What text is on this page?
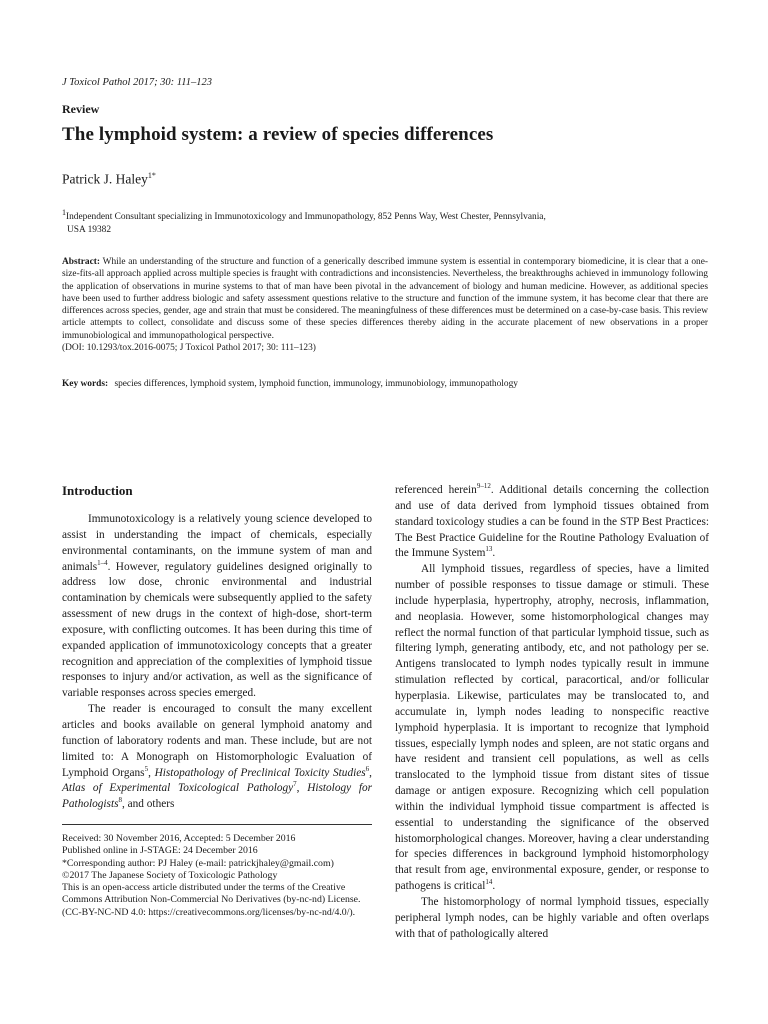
J Toxicol Pathol 2017; 30: 111–123
Review
The lymphoid system: a review of species differences
Patrick J. Haley$^{1*}$
$^1$Independent Consultant specializing in Immunotoxicology and Immunopathology, 852 Penns Way, West Chester, Pennsylvania,
USA 19382
Abstract: While an understanding of the structure and function of a generically described immune system is essential in contemporary biomedicine, it is clear that a one-size-fits-all approach applied across multiple species is fraught with contradictions and inconsistencies. Nevertheless, the breakthroughs achieved in immunology following the application of observations in murine systems to that of man have been pivotal in the advancement of biology and human medicine. However, as additional species have been used to further address biologic and safety assessment questions relative to the structure and function of the immune system, it has become clear that there are differences across species, gender, age and strain that must be considered. The meaningfulness of these differences must be determined on a case-by-case basis. This review article attempts to collect, consolidate and discuss some of these species differences thereby aiding in the accurate placement of new observations in a proper immunobiological and immunopathological perspective.
(DOI: 10.1293/tox.2016-0075; J Toxicol Pathol 2017; 30: 111–123)
Key words: species differences, lymphoid system, lymphoid function, immunology, immunobiology, immunopathology
Introduction

Immunotoxicology is a relatively young science developed to assist in understanding the impact of chemicals, especially environmental contaminants, on the immune system of man and animals$^{1-4}$. However, regulatory guidelines designed originally to address low dose, chronic environmental and industrial contamination by chemicals were subsequently applied to the safety assessment of new drugs in the context of high-dose, short-term exposure, with conflicting outcomes. It has been during this time of expanded application of immunotoxicology concepts that a greater recognition and appreciation of the complexities of lymphoid tissue responses to injury and/or activation, as well as the significance of variable responses across species emerged.

The reader is encouraged to consult the many excellent articles and books available on general lymphoid anatomy and function of laboratory rodents and man. These include, but are not limited to: A Monograph on Histomorphologic Evaluation of Lymphoid Organs$^5$, Histopathology of Preclinical Toxicity Studies$^6$, Atlas of Experimental Toxicological Pathology$^7$, Histology for Pathologists$^8$, and others

Received: 30 November 2016, Accepted: 5 December 2016
Published online in J-STAGE: 24 December 2016
*Corresponding author: PJ Haley (e-mail: patrickjhaley@gmail.com)
©2017 The Japanese Society of Toxicologic Pathology
This is an open-access article distributed under the terms of the Creative Commons Attribution Non-Commercial No Derivatives (by-nc-nd) License. (CC-BY-NC-ND 4.0: https://creativecommons.org/licenses/by-nc-nd/4.0/).

referenced herein$^{9-12}$. Additional details concerning the collection and use of data derived from lymphoid tissues obtained from standard toxicology studies a can be found in the STP Best Practices: The Best Practice Guideline for the Routine Pathology Evaluation of the Immune System$^{13}$.

All lymphoid tissues, regardless of species, have a limited number of possible responses to tissue damage or stimuli. These include hyperplasia, hypertrophy, atrophy, necrosis, inflammation, and neoplasia. However, some histomorphological changes may reflect the normal function of that particular lymphoid tissue, such as filtering lymph, generating antibody, etc, and not pathology per se. Antigens translocated to lymph nodes typically result in immune stimulation reflected by cortical, paracortical, and/or follicular hyperplasia. Likewise, particulates may be translocated to, and accumulate in, lymph nodes leading to nonspecific reactive lymphoid hyperplasia. It is important to recognize that lymphoid tissues, especially lymph nodes and spleen, are not static organs and have resident and transient cell populations, as well as cells translocated to the lymphoid tissue from distant sites of tissue damage or antigen exposure. Recognizing which cell population within the individual lymphoid tissue compartment is affected is essential to understanding the significance of the observed histomorphological changes. Moreover, having a clear understanding for species differences in background lymphoid histomorphology that result from age, environmental exposure, gender, or response to pathogens is critical$^{14}$.

The histomorphology of normal lymphoid tissues, especially peripheral lymph nodes, can be highly variable and often overlaps with that of pathologically altered
